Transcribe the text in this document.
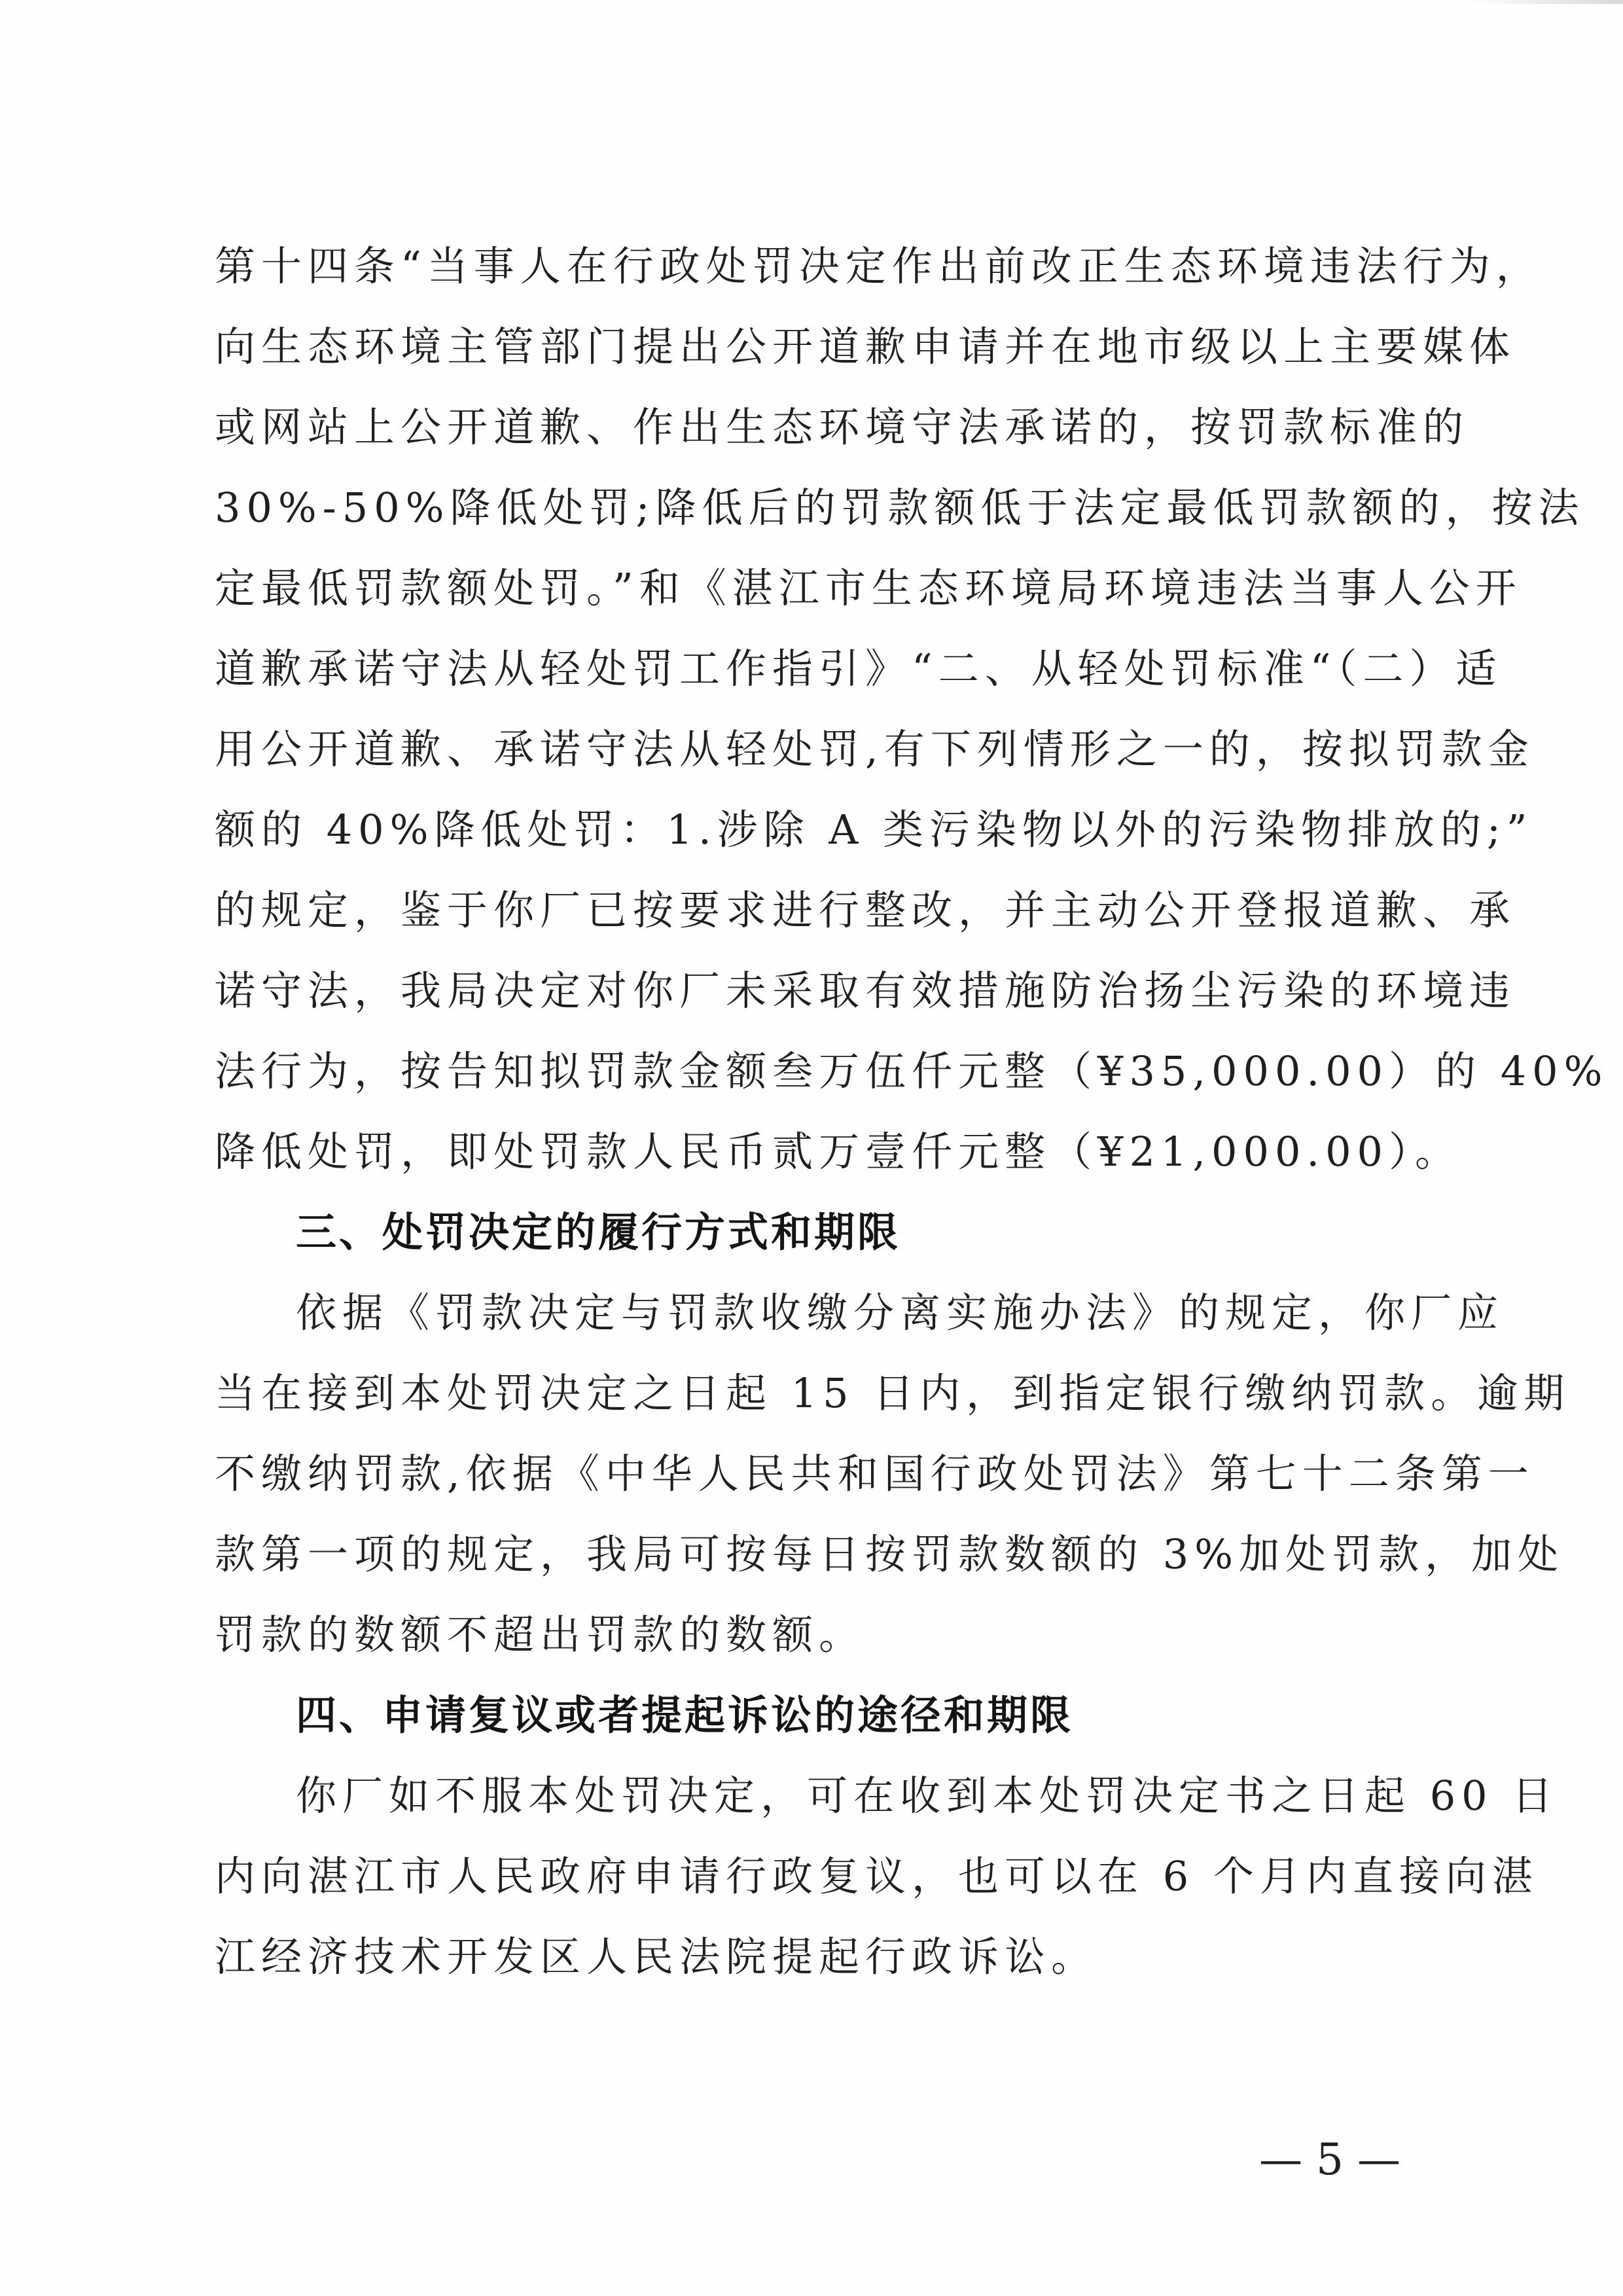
第十四条“当事人在行政处罚决定作出前改正生态环境违法行为，
向生态环境主管部门提出公开道歉申请并在地市级以上主要媒体
或网站上公开道歉、作出生态环境守法承诺的，按罚款标准的
30%-50%降低处罚;降低后的罚款额低于法定最低罚款额的，按法
定最低罚款额处罚。”和《湛江市生态环境局环境违法当事人公开
道歉承诺守法从轻处罚工作指引》“二、从轻处罚标准“（二）适
用公开道歉、承诺守法从轻处罚,有下列情形之一的，按拟罚款金
额的 40%降低处罚：1.涉除 A 类污染物以外的污染物排放的;”
的规定，鉴于你厂已按要求进行整改，并主动公开登报道歉、承
诺守法，我局决定对你厂未采取有效措施防治扬尘污染的环境违
法行为，按告知拟罚款金额叁万伍仟元整（¥35,000.00）的 40%
降低处罚，即处罚款人民币贰万壹仟元整（¥21,000.00）。
三、处罚决定的履行方式和期限
依据《罚款决定与罚款收缴分离实施办法》的规定，你厂应
当在接到本处罚决定之日起 15 日内，到指定银行缴纳罚款。逾期
不缴纳罚款,依据《中华人民共和国行政处罚法》第七十二条第一
款第一项的规定，我局可按每日按罚款数额的 3%加处罚款，加处
罚款的数额不超出罚款的数额。
四、申请复议或者提起诉讼的途径和期限
你厂如不服本处罚决定，可在收到本处罚决定书之日起 60 日
内向湛江市人民政府申请行政复议，也可以在 6 个月内直接向湛
江经济技术开发区人民法院提起行政诉讼。
— 5 —
